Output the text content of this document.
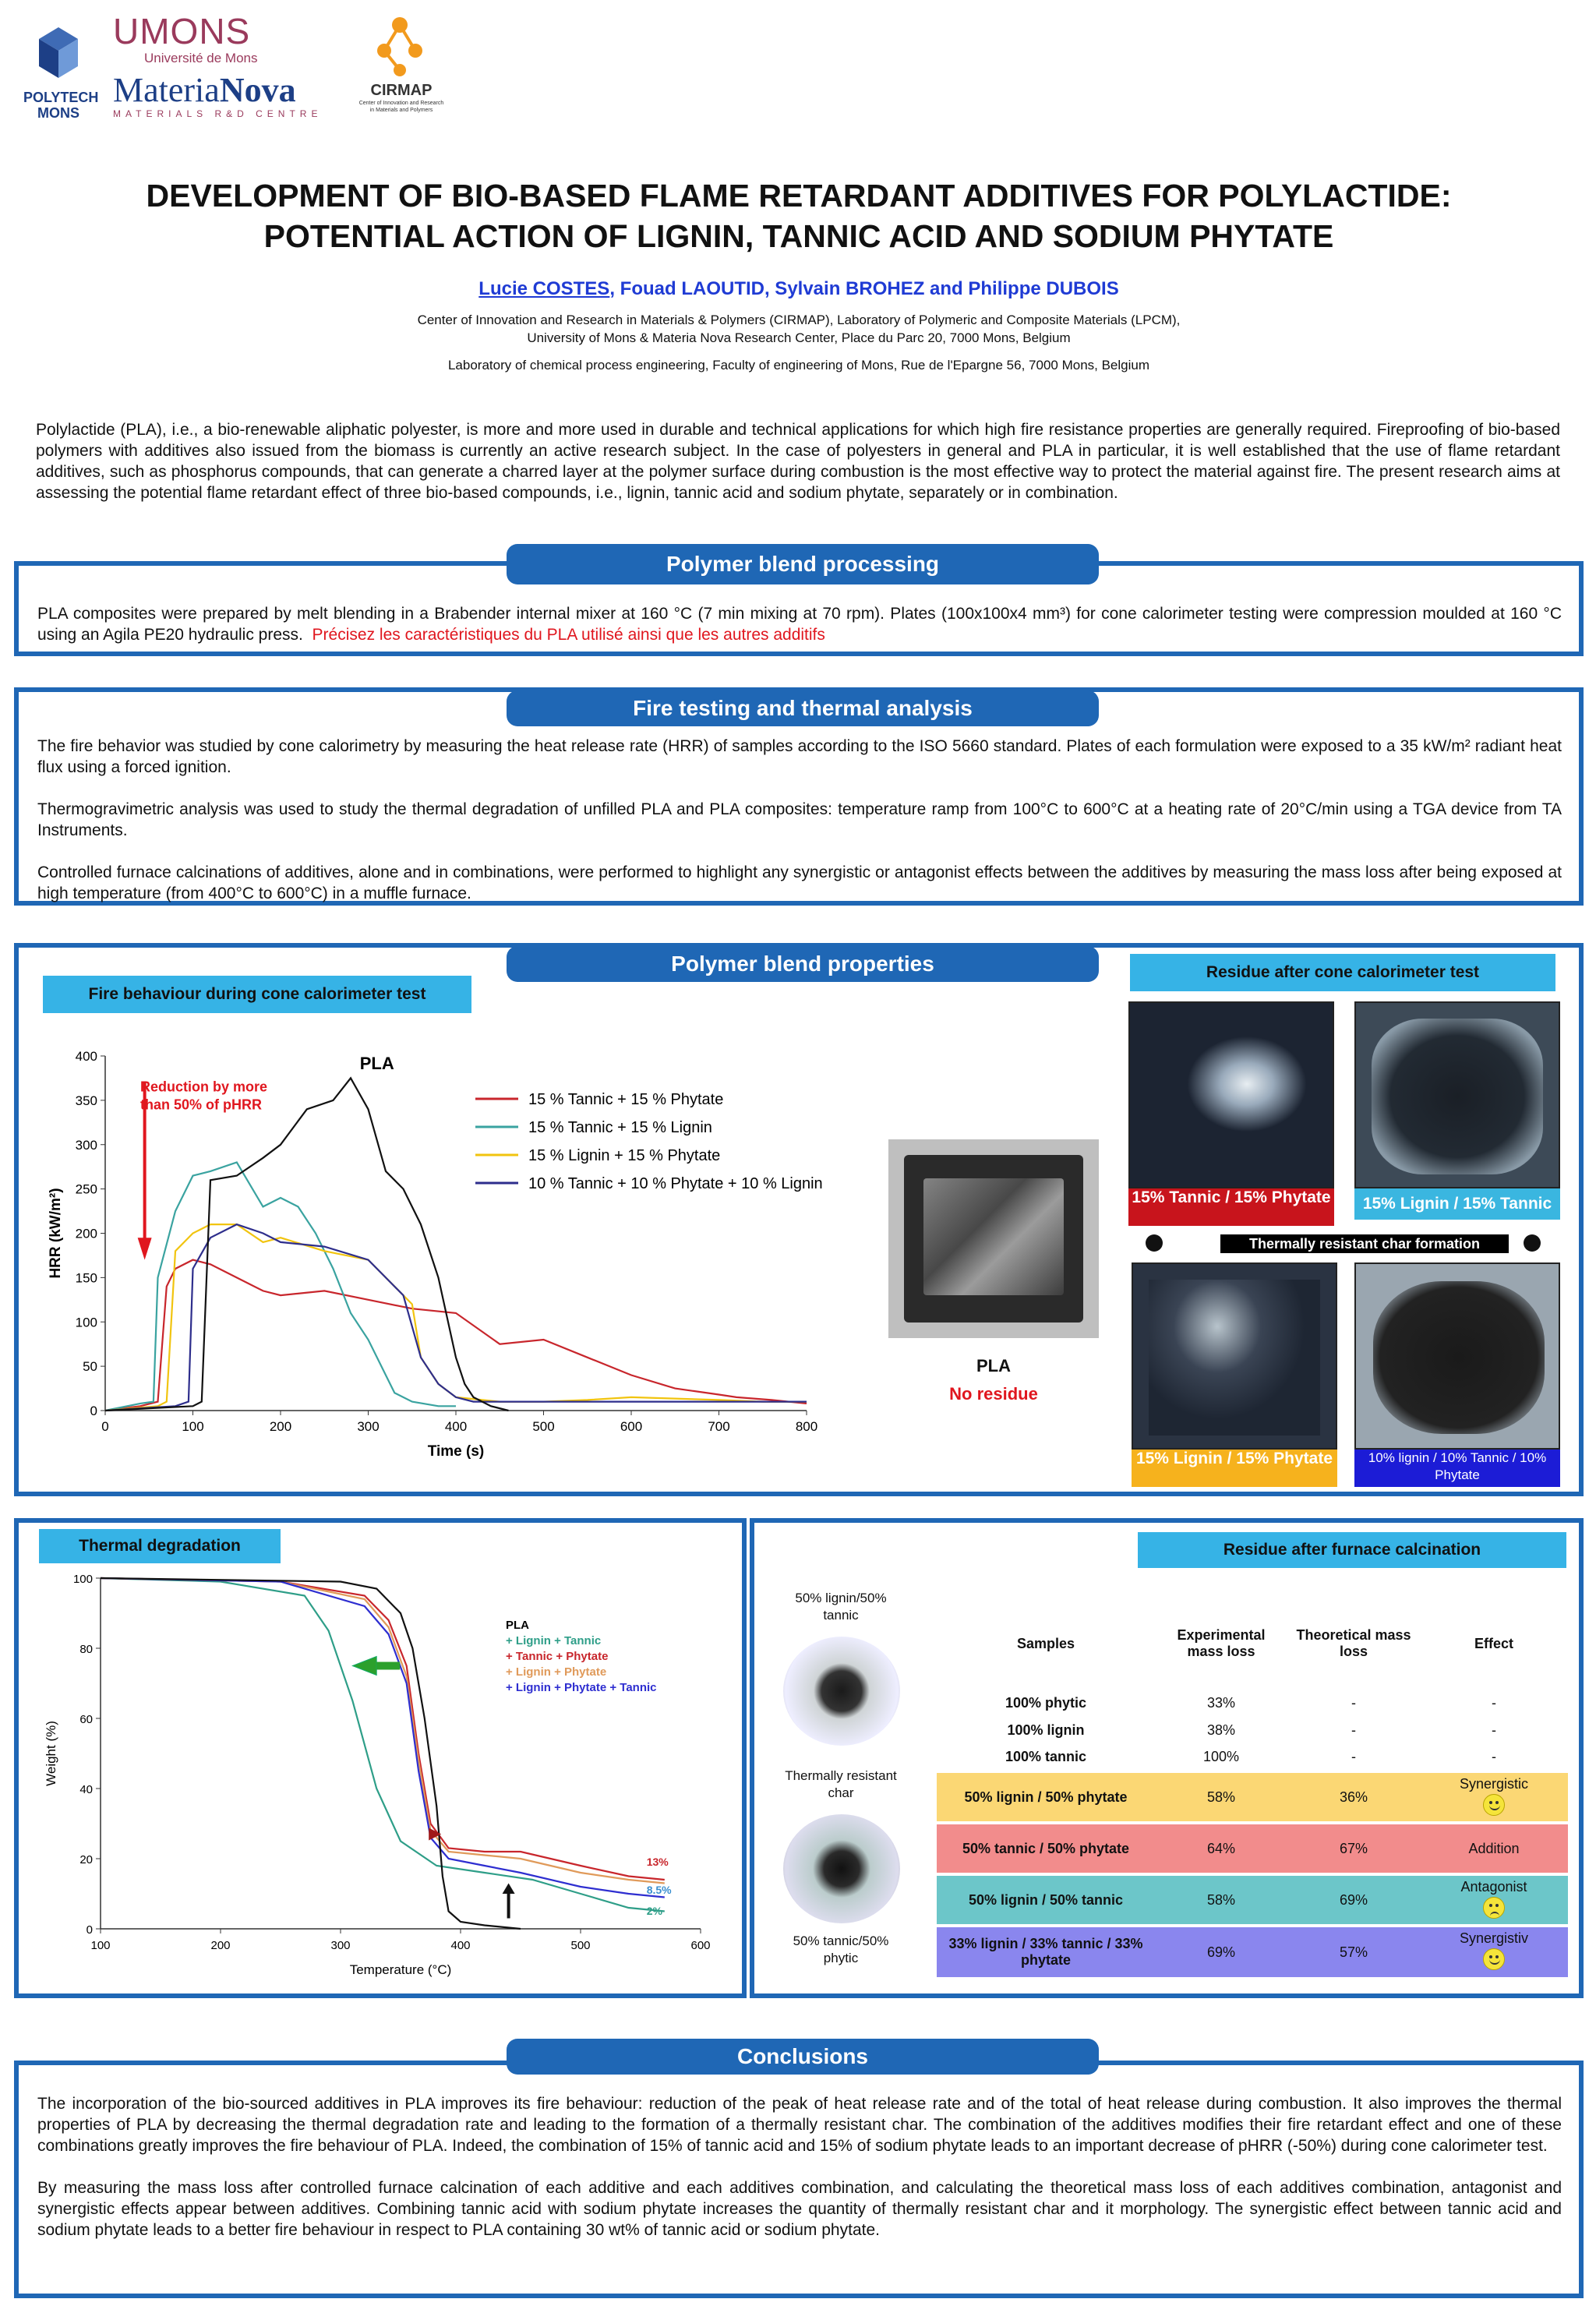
POLYTECH MONS
UMONS
Université de Mons
MateriaNova
MATERIALS R&D CENTRE
CIRMAP
Center of Innovation and Research in Materials and Polymers
DEVELOPMENT OF BIO-BASED FLAME RETARDANT ADDITIVES FOR POLYLACTIDE:
POTENTIAL ACTION OF LIGNIN, TANNIC ACID AND SODIUM PHYTATE
Lucie COSTES, Fouad LAOUTID, Sylvain BROHEZ and Philippe DUBOIS
Center of Innovation and Research in Materials & Polymers (CIRMAP), Laboratory of Polymeric and Composite Materials (LPCM),
University of Mons & Materia Nova Research Center, Place du Parc 20, 7000 Mons, Belgium
Laboratory of chemical process engineering, Faculty of engineering of Mons, Rue de l'Epargne 56, 7000 Mons, Belgium
Polylactide (PLA), i.e., a bio-renewable aliphatic polyester, is more and more used in durable and technical applications for which high fire resistance properties are generally required. Fireproofing of bio-based polymers with additives also issued from the biomass is currently an active research subject. In the case of polyesters in general and PLA in particular, it is well established that the use of flame retardant additives, such as phosphorus compounds, that can generate a charred layer at the polymer surface during combustion is the most effective way to protect the material against fire. The present research aims at assessing the potential flame retardant effect of three bio-based compounds, i.e., lignin, tannic acid and sodium phytate, separately or in combination.
PLA composites were prepared by melt blending in a Brabender internal mixer at 160 °C (7 min mixing at 70 rpm). Plates (100x100x4 mm³) for cone calorimeter testing were compression moulded at 160 °C using an Agila PE20 hydraulic press. Précisez les caractéristiques du PLA utilisé ainsi que les autres additifs
Polymer blend processing

The fire behavior was studied by cone calorimetry by measuring the heat release rate (HRR) of samples according to the ISO 5660 standard. Plates of each formulation were exposed to a 35 kW/m² radiant heat flux using a forced ignition.

Thermogravimetric analysis was used to study the thermal degradation of unfilled PLA and PLA composites: temperature ramp from 100°C to 600°C at a heating rate of 20°C/min using a TGA device from TA Instruments.

Controlled furnace calcinations of additives, alone and in combinations, were performed to highlight any synergistic or antagonist effects between the additives by measuring the mass loss after being exposed at high temperature (from 400°C to 600°C) in a muffle furnace.

Fire testing and thermal analysis
Polymer blend properties
Fire behaviour during cone calorimeter test
Residue after cone calorimeter test
0	100	200	300	400	500	600	700	800
0
50
100
150
200
250
300
350
400
Time (s)
HRR (kW/m²)
15 % Tannic + 15 % Phytate
15 % Tannic + 15 % Lignin
15 % Lignin + 15 % Phytate
10 % Tannic + 10 % Phytate + 10 % Lignin
PLA
Reduction by more
than 50% of pHRR
PLA
No residue
15% Tannic / 15% Phytate	15% Lignin / 15% Tannic
Thermally resistant char formation
15% Lignin / 15% Phytate	10% lignin / 10% Tannic / 10% Phytate
Thermal degradation
100	200	300	400	500	600
0
20
40
60
80
100
Temperature (°C)
Weight (%)
PLA
+ Lignin + Tannic
+ Tannic + Phytate
+ Lignin + Phytate
+ Lignin + Phytate + Tannic
13%
8.5%
2%
Residue after furnace calcination
50% lignin/50% tannic
Thermally resistant char
50% tannic/50% phytic
Samples	Experimental mass loss	Theoretical mass loss	Effect
100% phytic	33%	-	-
100% lignin	38%	-	-
100% tannic	100%	-	-
50% lignin / 50% phytate	58%	36%	Synergistic

50% tannic / 50% phytate	64%	67%	Addition
50% lignin / 50% tannic	58%	69%	Antagonist

33% lignin / 33% tannic / 33% phytate	69%	57%	Synergistiv

The incorporation of the bio-sourced additives in PLA improves its fire behaviour: reduction of the peak of heat release rate and of the total of heat release during combustion. It also improves the thermal properties of PLA by decreasing the thermal degradation rate and leading to the formation of a thermally resistant char. The combination of the additives modifies their fire retardant effect and one of these combinations greatly improves the fire behaviour of PLA. Indeed, the combination of 15% of tannic acid and 15% of sodium phytate leads to an important decrease of pHRR (-50%) during cone calorimeter test.

By measuring the mass loss after controlled furnace calcination of each additive and each additives combination, and calculating the theoretical mass loss of each additives combination, antagonist and synergistic effects appear between additives. Combining tannic acid with sodium phytate increases the quantity of thermally resistant char and it morphology. The synergistic effect between tannic acid and sodium phytate leads to a better fire behaviour in respect to PLA containing 30 wt% of tannic acid or sodium phytate.

Conclusions
